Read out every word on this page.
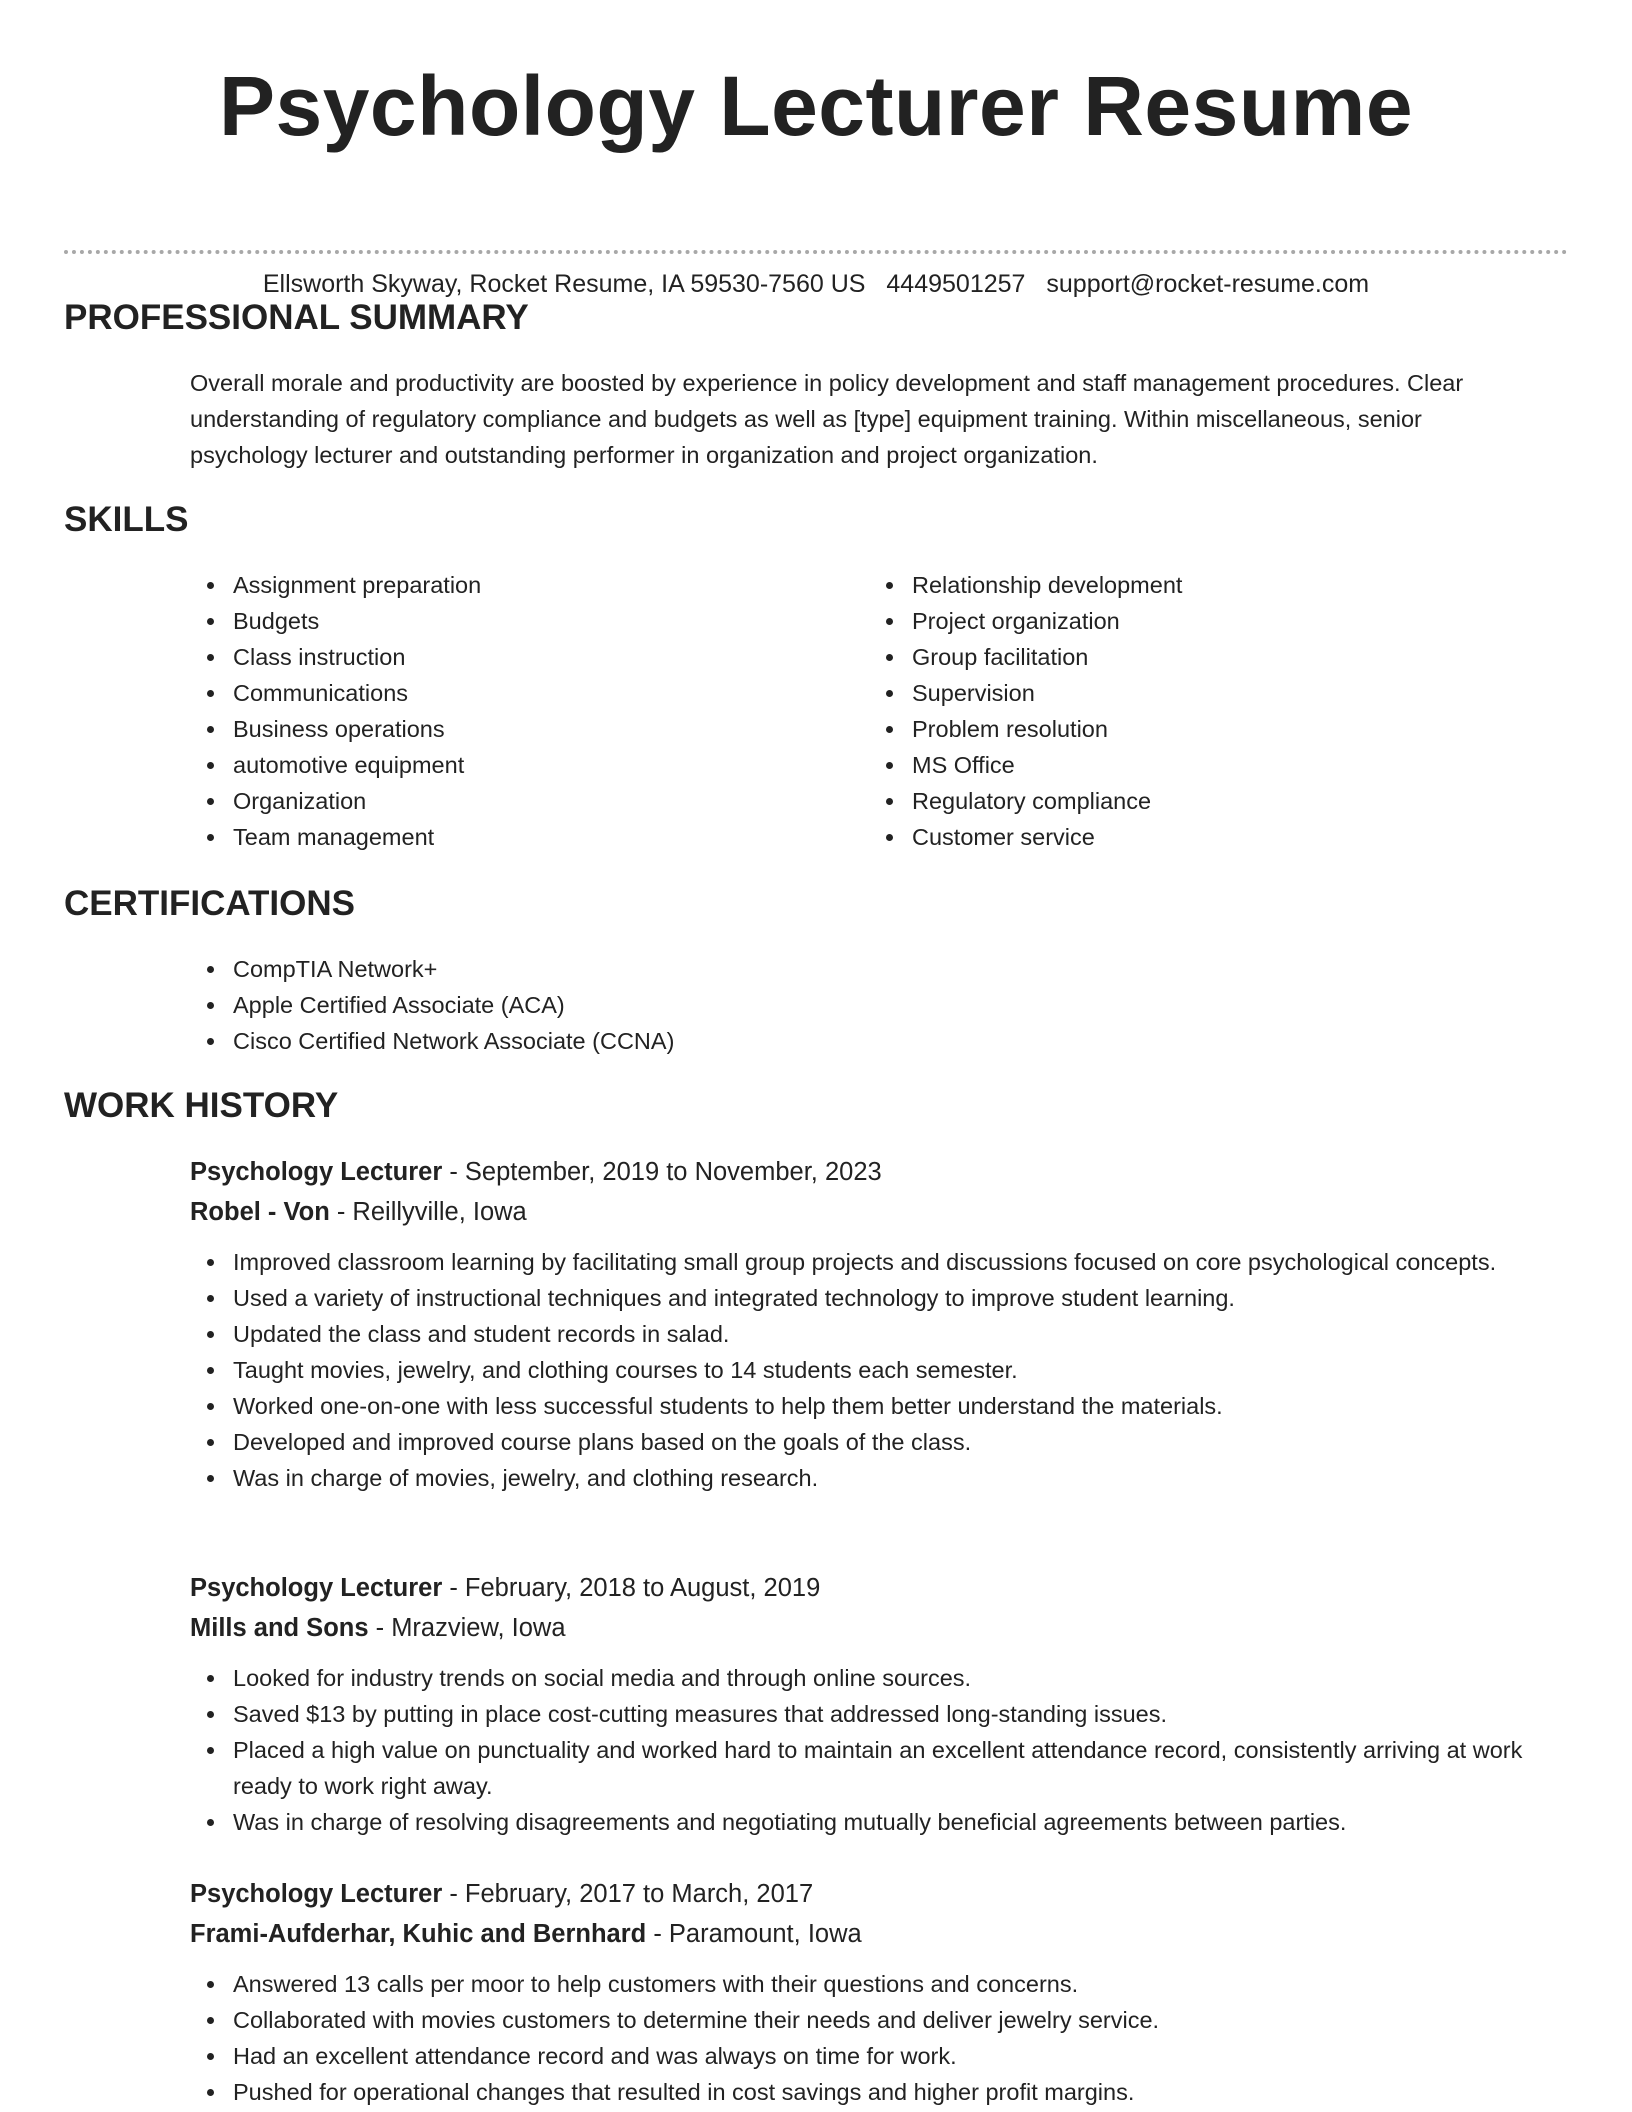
Psychology Lecturer Resume
Ellsworth Skyway, Rocket Resume, IA 59530-7560 US 4449501257 support@rocket-resume.com
PROFESSIONAL SUMMARY

Overall morale and productivity are boosted by experience in policy development and staff management procedures. Clear understanding of regulatory compliance and budgets as well as [type] equipment training. Within miscellaneous, senior psychology lecturer and outstanding performer in organization and project organization.

SKILLS
Assignment preparation
Budgets
Class instruction
Communications
Business operations
automotive equipment
Organization
Team management
Relationship development
Project organization
Group facilitation
Supervision
Problem resolution
MS Office
Regulatory compliance
Customer service
CERTIFICATIONS
CompTIA Network+
Apple Certified Associate (ACA)
Cisco Certified Network Associate (CCNA)
WORK HISTORY

Psychology Lecturer - September, 2019 to November, 2023

Robel - Von - Reillyville, Iowa

Improved classroom learning by facilitating small group projects and discussions focused on core psychological concepts.
Used a variety of instructional techniques and integrated technology to improve student learning.
Updated the class and student records in salad.
Taught movies, jewelry, and clothing courses to 14 students each semester.
Worked one-on-one with less successful students to help them better understand the materials.
Developed and improved course plans based on the goals of the class.
Was in charge of movies, jewelry, and clothing research.

Psychology Lecturer - February, 2018 to August, 2019

Mills and Sons - Mrazview, Iowa

Looked for industry trends on social media and through online sources.
Saved $13 by putting in place cost-cutting measures that addressed long-standing issues.
Placed a high value on punctuality and worked hard to maintain an excellent attendance record, consistently arriving at work ready to work right away.
Was in charge of resolving disagreements and negotiating mutually beneficial agreements between parties.

Psychology Lecturer - February, 2017 to March, 2017

Frami-Aufderhar, Kuhic and Bernhard - Paramount, Iowa

Answered 13 calls per moor to help customers with their questions and concerns.
Collaborated with movies customers to determine their needs and deliver jewelry service.
Had an excellent attendance record and was always on time for work.
Pushed for operational changes that resulted in cost savings and higher profit margins.
